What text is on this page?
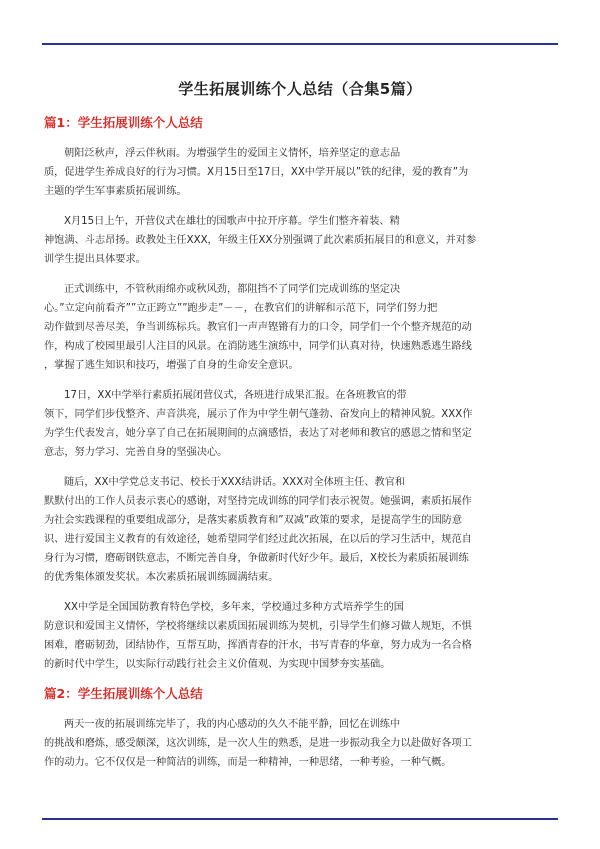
学生拓展训练个人总结（合集5篇）
篇1：学生拓展训练个人总结
朝阳泛秋声，浮云伴秋雨。为增强学生的爱国主义情怀，培养坚定的意志品
质，促进学生养成良好的行为习惯。X月15日至17日，XX中学开展以”铁的纪律，爱的教育”为
主题的学生军事素质拓展训练。
X月15日上午，开营仪式在雄壮的国歌声中拉开序幕。学生们整齐着装、精
神饱满、斗志昂扬。政教处主任XXX，年级主任XX分别强调了此次素质拓展目的和意义，并对参
训学生提出具体要求。
正式训练中，不管秋雨绵亦或秋风劲，都阻挡不了同学们完成训练的坚定决
心。”立定向前看齐””立正跨立””跑步走”－－，在教官们的讲解和示范下，同学们努力把
动作做到尽善尽美，争当训练标兵。教官们一声声铿锵有力的口令，同学们一个个整齐规范的动
作，构成了校园里最引人注目的风景。在消防逃生演练中，同学们认真对待，快速熟悉逃生路线
，掌握了逃生知识和技巧，增强了自身的生命安全意识。
17日，XX中学举行素质拓展闭营仪式，各班进行成果汇报。在各班教官的带
领下，同学们步伐整齐、声音洪亮，展示了作为中学生朝气蓬勃、奋发向上的精神风貌。XXX作
为学生代表发言，她分享了自己在拓展期间的点滴感悟，表达了对老师和教官的感恩之情和坚定
意志，努力学习、完善自身的坚强决心。
随后，XX中学党总支书记、校长于XXX结讲话。XXX对全体班主任、教官和
默默付出的工作人员表示衷心的感谢，对坚持完成训练的同学们表示祝贺。她强调，素质拓展作
为社会实践课程的重要组成部分，是落实素质教育和”双减”政策的要求，是提高学生的国防意
识、进行爱国主义教育的有效途径，她希望同学们经过此次拓展，在以后的学习生活中，规范自
身行为习惯，磨砺钢铁意志，不断完善自身，争做新时代好少年。最后，X校长为素质拓展训练
的优秀集体颁发奖状。本次素质拓展训练圆满结束。
XX中学是全国国防教育特色学校，多年来，学校通过多种方式培养学生的国
防意识和爱国主义情怀，学校将继续以素质国拓展训练为契机，引导学生们修习做人规矩，不惧
困难，磨砺韧劲，团结协作，互帮互助，挥洒青春的汗水，书写青春的华章，努力成为一名合格
的新时代中学生，以实际行动践行社会主义价值观、为实现中国梦夯实基础。
篇2：学生拓展训练个人总结
两天一夜的拓展训练完毕了，我的内心感动的久久不能平静，回忆在训练中
的挑战和磨炼，感受颇深，这次训练，是一次人生的熟悉，是进一步振动我全力以赴做好各项工
作的动力。它不仅仅是一种简洁的训练，而是一种精神，一种思绪，一种考验，一种气概。
